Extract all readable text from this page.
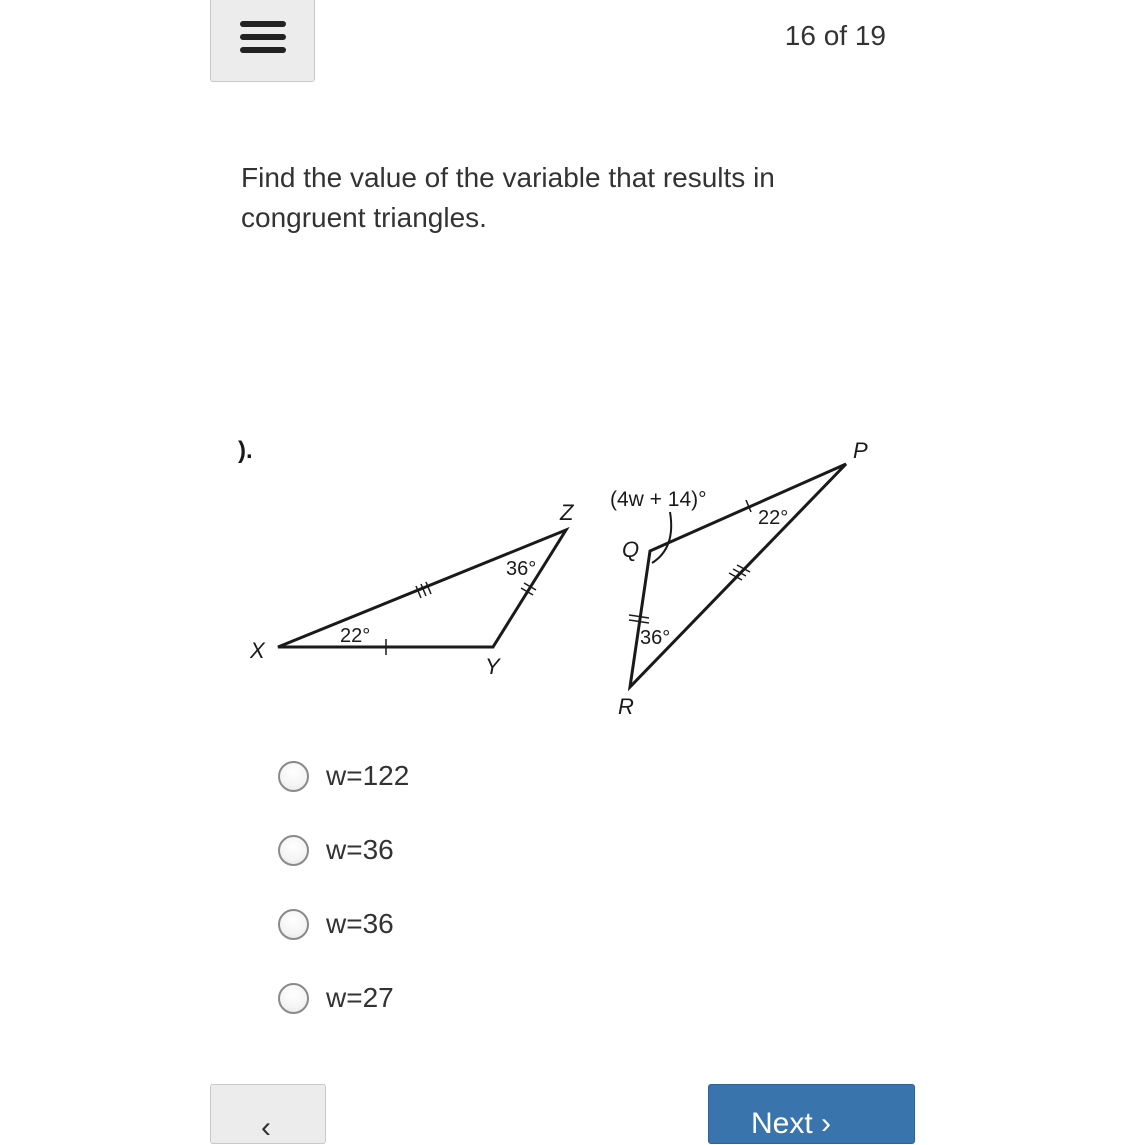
16 of 19
Find the value of the variable that results in congruent triangles.
).
X
Y
Z
22°
36°
P
Q
R
(4w + 14)°
22°
36°
w=122
w=36
w=36
w=27
‹	Next ›
